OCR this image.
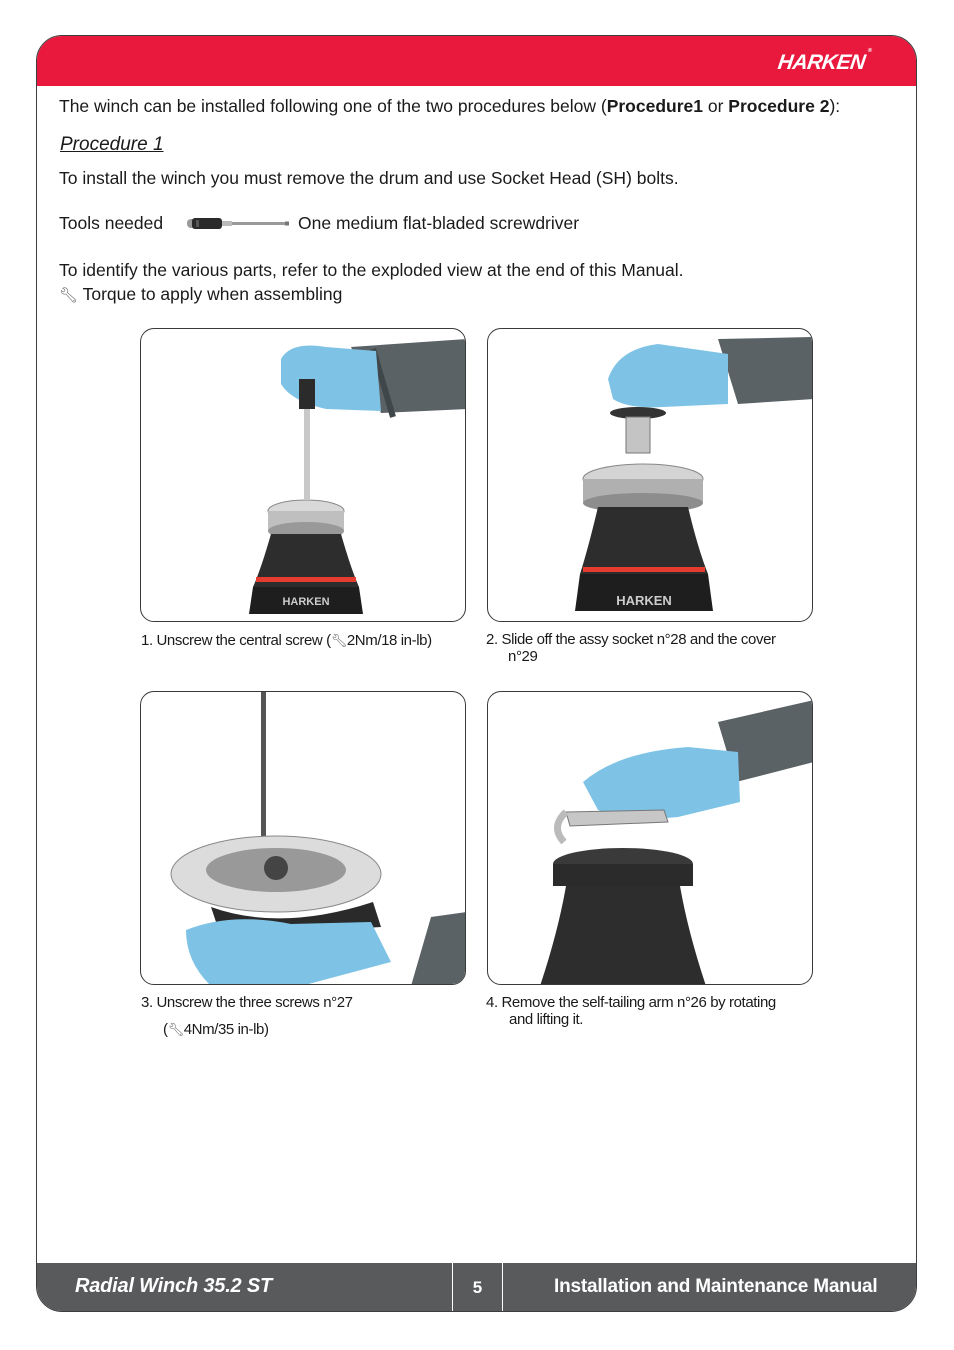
HARKEN®
Radial Winch 35.2 ST	5	Installation and Maintenance Manual
The winch can be installed following one of the two procedures below (Procedure1 or Procedure 2):
Procedure 1
To install the winch you must remove the drum and use Socket Head (SH) bolts.
Tools needed	One medium flat-bladed screwdriver
To identify the various parts, refer to the exploded view at the end of this Manual.
🔧︎ Torque to apply when assembling
HARKEN	HARKEN
1. Unscrew the central screw (🔧︎2Nm/18 in-lb)	2. Slide off the assy socket n°28 and the cover
n°29
3. Unscrew the three screws n°27
(🔧︎4Nm/35 in-lb)
4. Remove the self-tailing arm n°26 by rotating
and lifting it.
